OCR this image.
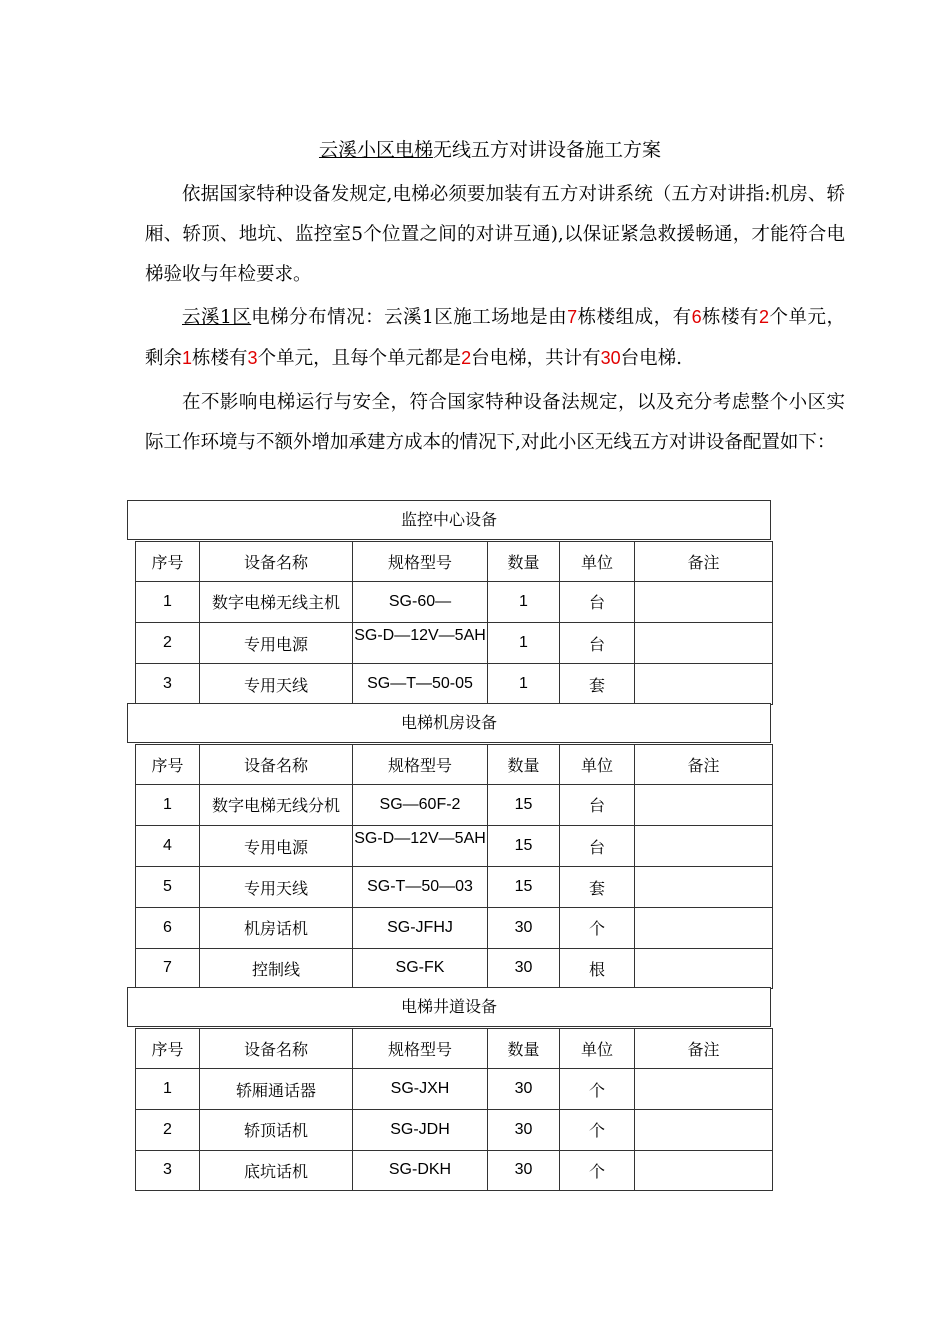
云溪小区电梯无线五方对讲设备施工方案
依据国家特种设备发规定,电梯必须要加装有五方对讲系统（五方对讲指:机房、轿厢、轿顶、地坑、监控室5个位置之间的对讲互通),以保证紧急救援畅通，才能符合电梯验收与年检要求。
云溪1区电梯分布情况：云溪1区施工场地是由7栋楼组成，有6栋楼有2个单元，剩余1栋楼有3个单元，且每个单元都是2台电梯，共计有30台电梯.
在不影响电梯运行与安全，符合国家特种设备法规定，以及充分考虑整个小区实际工作环境与不额外增加承建方成本的情况下,对此小区无线五方对讲设备配置如下：
监控中心设备
序号	设备名称	规格型号	数量	单位	备注
1	数字电梯无线主机	SG-60—	1	台	
2	专用电源	SG-D—12V—5AH	1	台	
3	专用天线	SG—T—50-05	1	套	
电梯机房设备
序号	设备名称	规格型号	数量	单位	备注
1	数字电梯无线分机	SG—60F-2	15	台	
4	专用电源	SG-D—12V—5AH	15	台	
5	专用天线	SG-T—50—03	15	套	
6	机房话机	SG-JFHJ	30	个	
7	控制线	SG-FK	30	根	
电梯井道设备
序号	设备名称	规格型号	数量	单位	备注
1	轿厢通话器	SG-JXH	30	个	
2	轿顶话机	SG-JDH	30	个	
3	底坑话机	SG-DKH	30	个	
